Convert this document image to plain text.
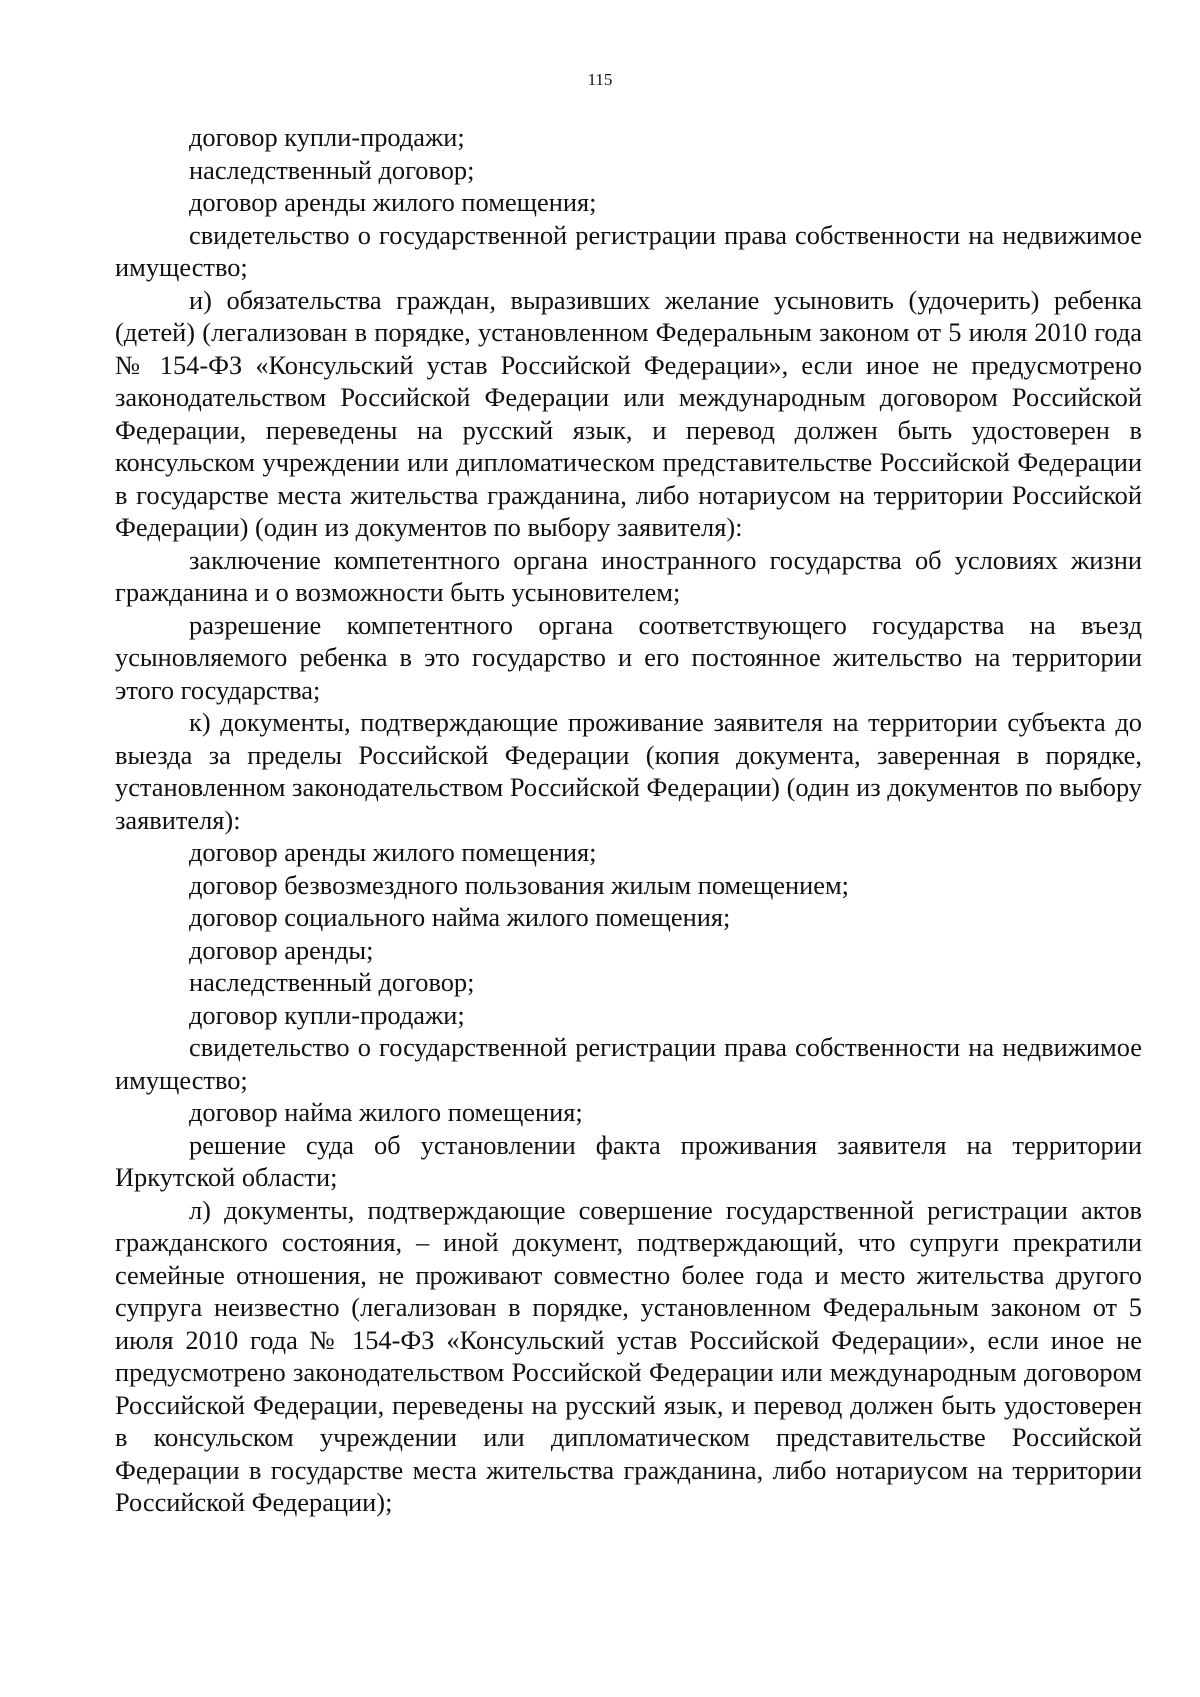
115

договор купли-продажи;

наследственный договор;

договор аренды жилого помещения;

свидетельство о государственной регистрации права собственности на недвижимое имущество;

и) обязательства граждан, выразивших желание усыновить (удочерить) ребенка (детей) (легализован в порядке, установленном Федеральным законом от 5 июля 2010 года № 154-ФЗ «Консульский устав Российской Федерации», если иное не предусмотрено законодательством Российской Федерации или международным договором Российской Федерации, переведены на русский язык, и перевод должен быть удостоверен в консульском учреждении или дипломатическом представительстве Российской Федерации в государстве места жительства гражданина, либо нотариусом на территории Российской Федерации) (один из документов по выбору заявителя):

заключение компетентного органа иностранного государства об условиях жизни гражданина и о возможности быть усыновителем;

разрешение компетентного органа соответствующего государства на въезд усыновляемого ребенка в это государство и его постоянное жительство на территории этого государства;

к) документы, подтверждающие проживание заявителя на территории субъекта до выезда за пределы Российской Федерации (копия документа, заверенная в порядке, установленном законодательством Российской Федерации) (один из документов по выбору заявителя):

договор аренды жилого помещения;

договор безвозмездного пользования жилым помещением;

договор социального найма жилого помещения;

договор аренды;

наследственный договор;

договор купли-продажи;

свидетельство о государственной регистрации права собственности на недвижимое имущество;

договор найма жилого помещения;

решение суда об установлении факта проживания заявителя на территории Иркутской области;

л) документы, подтверждающие совершение государственной регистрации актов гражданского состояния, – иной документ, подтверждающий, что супруги прекратили семейные отношения, не проживают совместно более года и место жительства другого супруга неизвестно (легализован в порядке, установленном Федеральным законом от 5 июля 2010 года № 154-ФЗ «Консульский устав Российской Федерации», если иное не предусмотрено законодательством Российской Федерации или международным договором Российской Федерации, переведены на русский язык, и перевод должен быть удостоверен в консульском учреждении или дипломатическом представительстве Российской Федерации в государстве места жительства гражданина, либо нотариусом на территории Российской Федерации);
